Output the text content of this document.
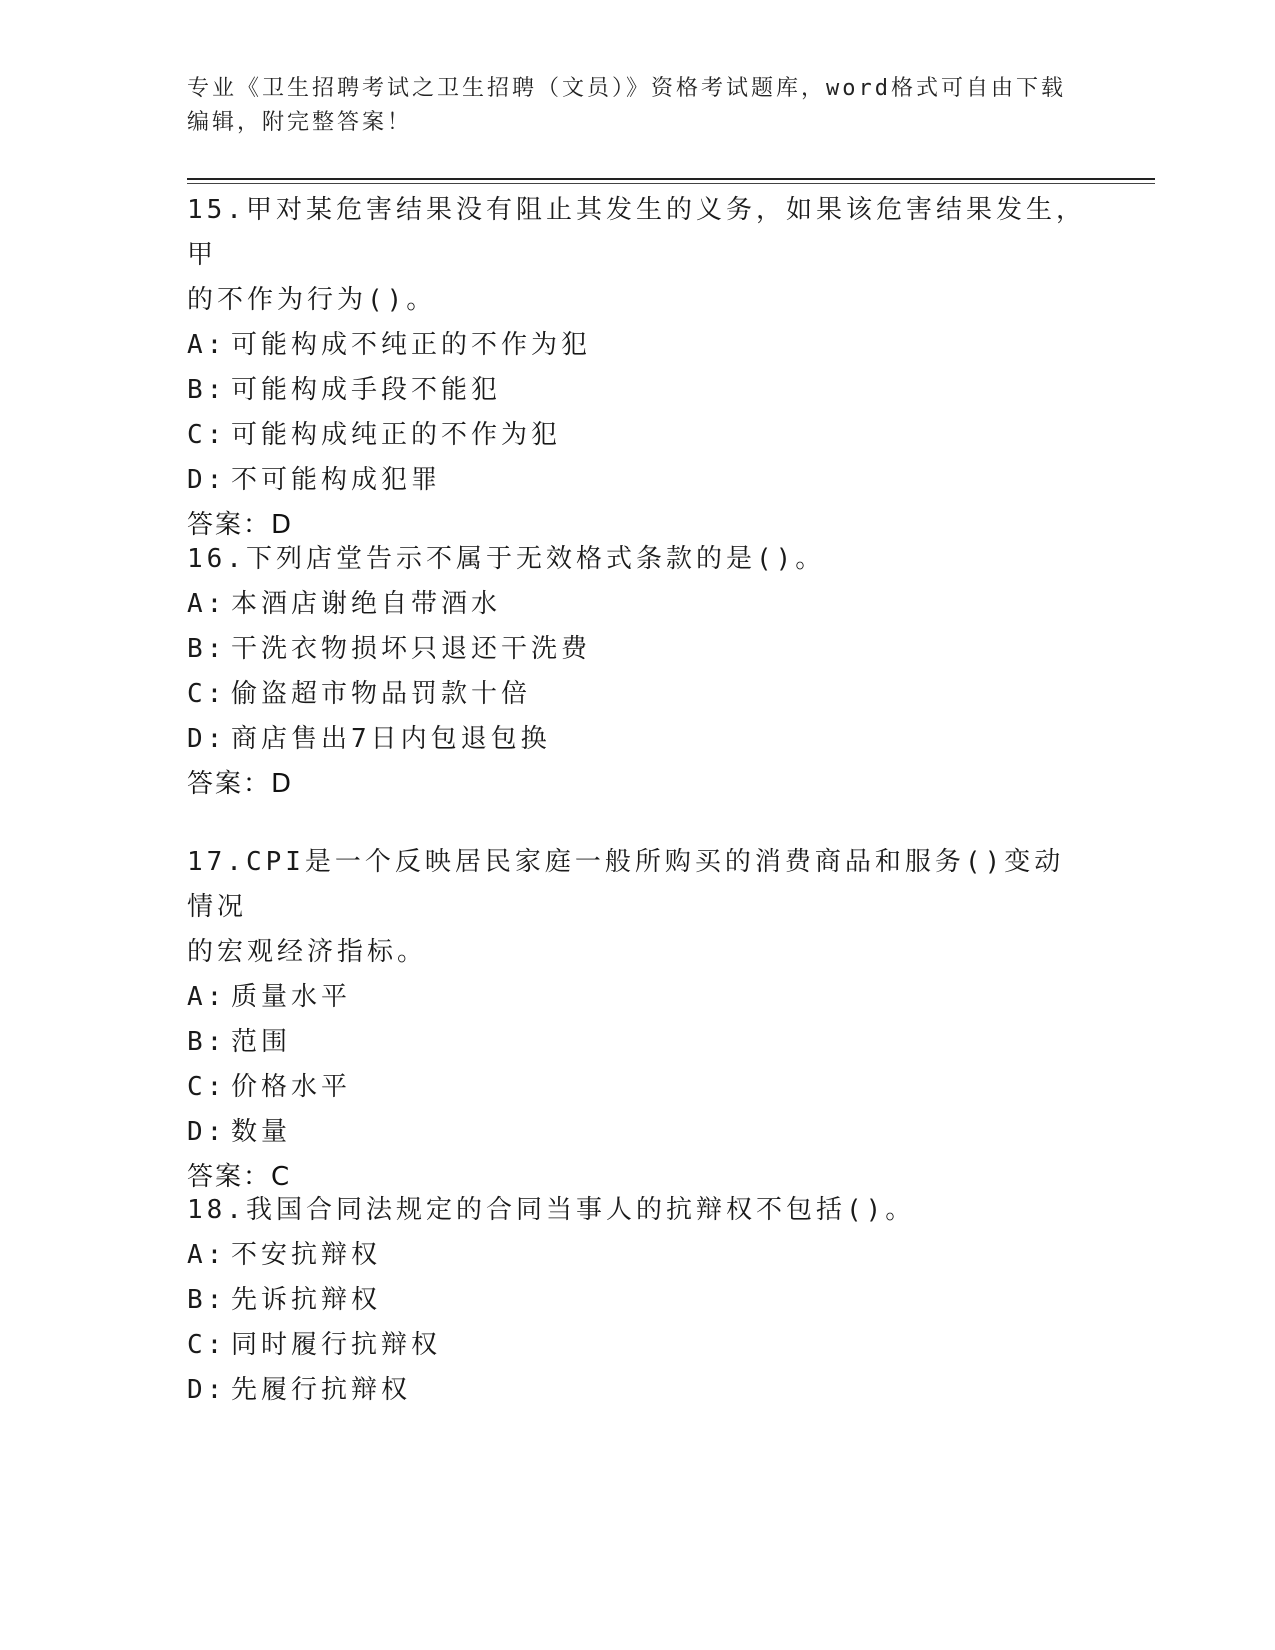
专业《卫生招聘考试之卫生招聘（文员）》资格考试题库，word格式可自由下载
编辑，附完整答案！

15.甲对某危害结果没有阻止其发生的义务，如果该危害结果发生，甲

的不作为行为()。

A: 可能构成不纯正的不作为犯

B: 可能构成手段不能犯

C: 可能构成纯正的不作为犯

D: 不可能构成犯罪

答案：D

16.下列店堂告示不属于无效格式条款的是()。

A: 本酒店谢绝自带酒水

B: 干洗衣物损坏只退还干洗费

C: 偷盗超市物品罚款十倍

D: 商店售出7日内包退包换

答案：D

17.CPI是一个反映居民家庭一般所购买的消费商品和服务()变动情况

的宏观经济指标。

A: 质量水平

B: 范围

C: 价格水平

D: 数量

答案：C

18.我国合同法规定的合同当事人的抗辩权不包括()。

A: 不安抗辩权

B: 先诉抗辩权

C: 同时履行抗辩权

D: 先履行抗辩权
